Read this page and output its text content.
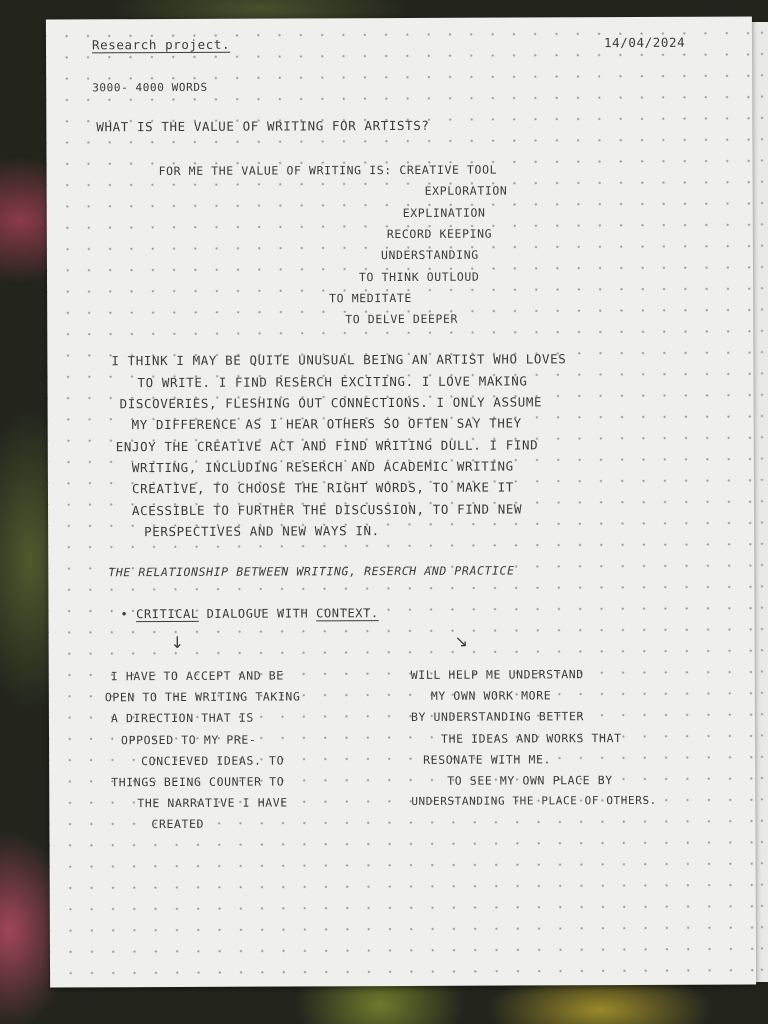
Research project.	14/04/2024
3000- 4000 WORDS
WHAT IS THE VALUE OF WRITING FOR ARTISTS?
FOR ME THE VALUE OF WRITING IS: CREATIVE TOOL
EXPLORATION
EXPLINATION
RECORD KEEPING
UNDERSTANDING
TO THINK OUTLOUD
TO MEDITATE
TO DELVE DEEPER
I THINK I MAY BE QUITE UNUSUAL BEING AN ARTIST WHO LOVES
TO WRITE. I FIND RESERCH EXCITING. I LOVE MAKING
DISCOVERIES, FLESHING OUT CONNECTIONS. I ONLY ASSUME
MY DIFFERENCE AS I HEAR OTHERS SO OFTEN SAY THEY
ENJOY THE CREATIVE ACT AND FIND WRITING DULL. I FIND
WRITING, INCLUDING RESERCH AND ACADEMIC WRITING
CREATIVE, TO CHOOSE THE RIGHT WORDS, TO MAKE IT
ACESSIBLE TO FURTHER THE DISCUSSION, TO FIND NEW
PERSPECTIVES AND NEW WAYS IN.
THE RELATIONSHIP BETWEEN WRITING, RESERCH AND PRACTICE
• CRITICAL DIALOGUE WITH CONTEXT.
↓	↘
I HAVE TO ACCEPT AND BE
OPEN TO THE WRITING TAKING
A DIRECTION THAT IS
OPPOSED TO MY PRE-
CONCIEVED IDEAS. TO
THINGS BEING COUNTER TO
THE NARRATIVE I HAVE
CREATED
WILL HELP ME UNDERSTAND
MY OWN WORK MORE
BY UNDERSTANDING BETTER
THE IDEAS AND WORKS THAT
RESONATE WITH ME.
TO SEE MY OWN PLACE BY
UNDERSTANDING THE PLACE OF OTHERS.
